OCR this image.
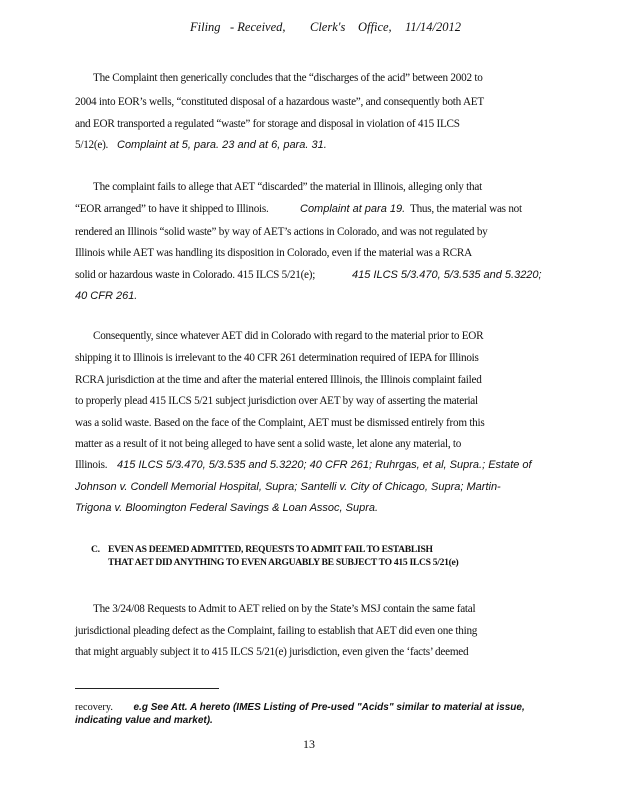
Filing - Received, Clerk's Office, 11/14/2012
The Complaint then generically concludes that the “discharges of the acid” between 2002 to
2004 into EOR’s wells, “constituted disposal of a hazardous waste”, and consequently both AET
and EOR transported a regulated “waste” for storage and disposal in violation of 415 ILCS
5/12(e). Complaint at 5, para. 23 and at 6, para. 31.
The complaint fails to allege that AET “discarded” the material in Illinois, alleging only that
“EOR arranged” to have it shipped to Illinois.	Complaint at para 19. Thus, the material was not
rendered an Illinois “solid waste” by way of AET’s actions in Colorado, and was not regulated by
Illinois while AET was handling its disposition in Colorado, even if the material was a RCRA
solid or hazardous waste in Colorado. 415 ILCS 5/21(e);	415 ILCS 5/3.470, 5/3.535 and 5.3220;
40 CFR 261.
Consequently, since whatever AET did in Colorado with regard to the material prior to EOR
shipping it to Illinois is irrelevant to the 40 CFR 261 determination required of IEPA for Illinois
RCRA jurisdiction at the time and after the material entered Illinois, the Illinois complaint failed
to properly plead 415 ILCS 5/21 subject jurisdiction over AET by way of asserting the material
was a solid waste. Based on the face of the Complaint, AET must be dismissed entirely from this
matter as a result of it not being alleged to have sent a solid waste, let alone any material, to
Illinois. 415 ILCS 5/3.470, 5/3.535 and 5.3220; 40 CFR 261; Ruhrgas, et al, Supra.; Estate of
Johnson v. Condell Memorial Hospital, Supra; Santelli v. City of Chicago, Supra; Martin-
Trigona v. Bloomington Federal Savings & Loan Assoc, Supra.
C. EVEN AS DEEMED ADMITTED, REQUESTS TO ADMIT FAIL TO ESTABLISH
THAT AET DID ANYTHING TO EVEN ARGUABLY BE SUBJECT TO 415 ILCS 5/21(e)
The 3/24/08 Requests to Admit to AET relied on by the State’s MSJ contain the same fatal
jurisdictional pleading defect as the Complaint, failing to establish that AET did even one thing
that might arguably subject it to 415 ILCS 5/21(e) jurisdiction, even given the ‘facts’ deemed
recovery. e.g See Att. A hereto (IMES Listing of Pre-used "Acids" similar to material at issue,
indicating value and market).
13
